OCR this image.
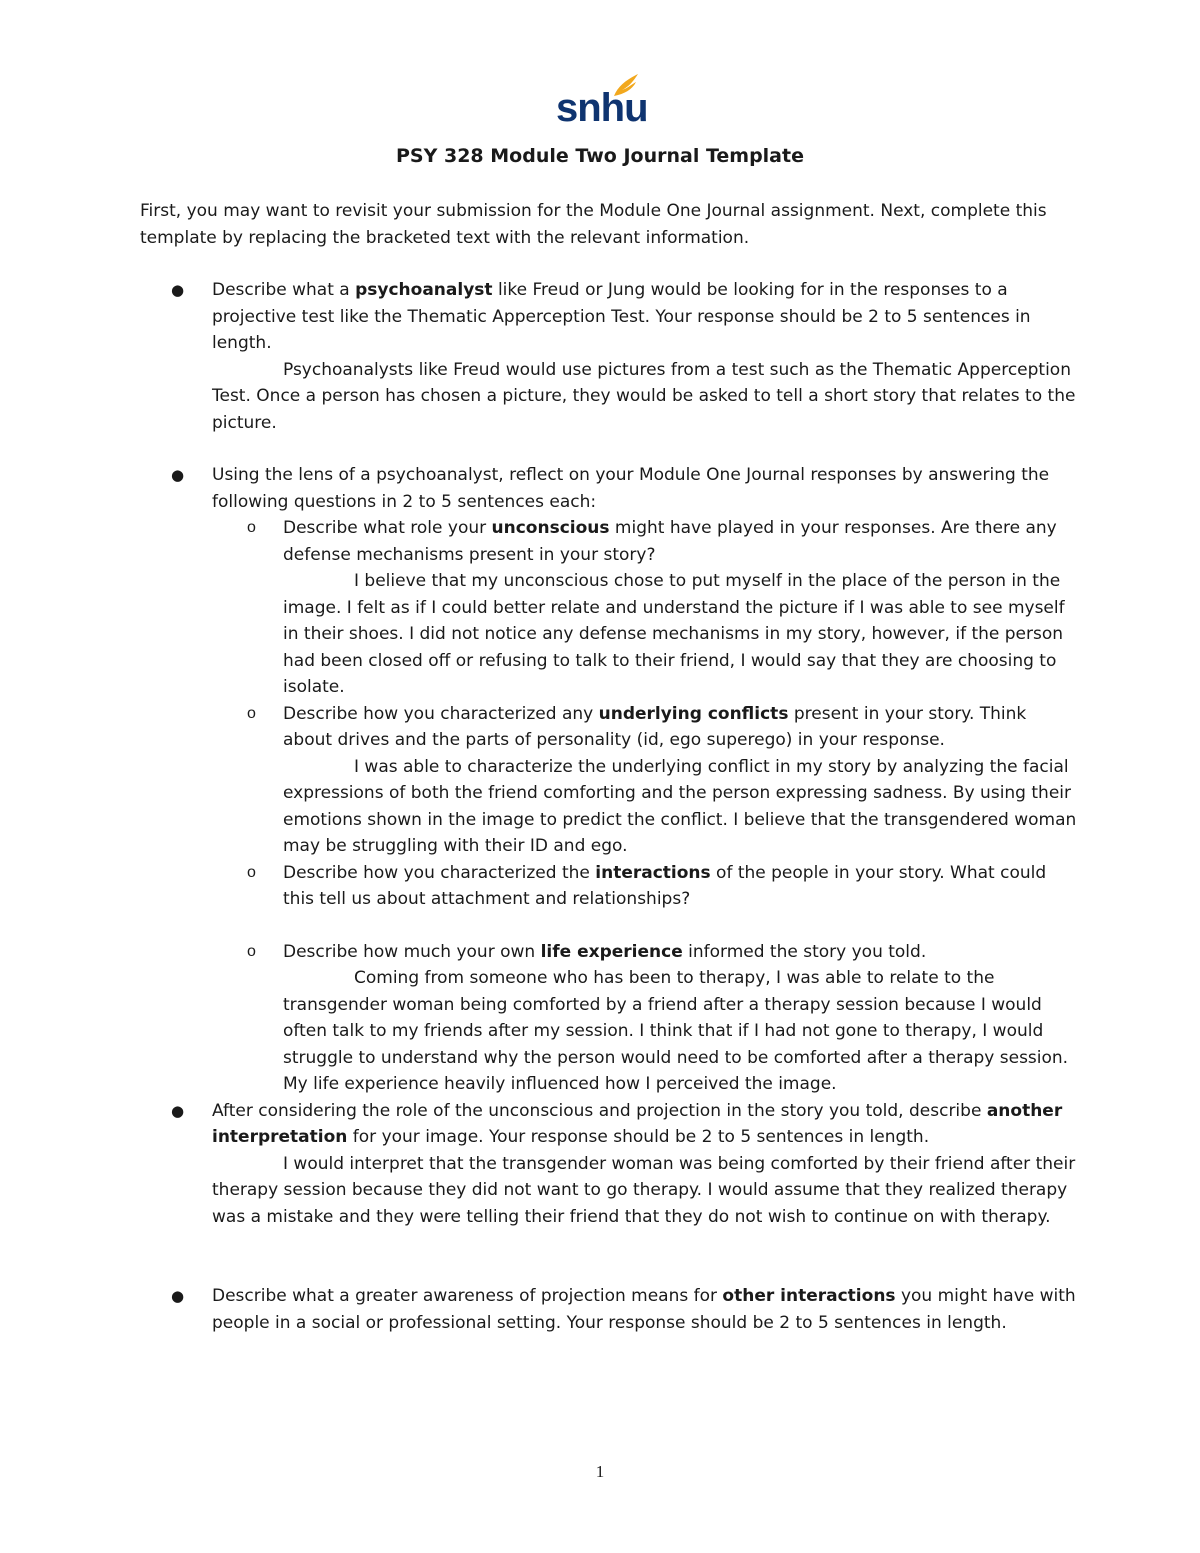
snhu
PSY 328 Module Two Journal Template

First, you may want to revisit your submission for the Module One Journal assignment. Next, complete this template by replacing the bracketed text with the relevant information.

● Describe what a psychoanalyst like Freud or Jung would be looking for in the responses to a projective test like the Thematic Apperception Test. Your response should be 2 to 5 sentences in length.

Psychoanalysts like Freud would use pictures from a test such as the Thematic Apperception Test. Once a person has chosen a picture, they would be asked to tell a short story that relates to the picture.

● Using the lens of a psychoanalyst, reflect on your Module One Journal responses by answering the following questions in 2 to 5 sentences each:

o Describe what role your unconscious might have played in your responses. Are there any defense mechanisms present in your story?

I believe that my unconscious chose to put myself in the place of the person in the image. I felt as if I could better relate and understand the picture if I was able to see myself in their shoes. I did not notice any defense mechanisms in my story, however, if the person had been closed off or refusing to talk to their friend, I would say that they are choosing to isolate.

o Describe how you characterized any underlying conflicts present in your story. Think about drives and the parts of personality (id, ego superego) in your response.

I was able to characterize the underlying conflict in my story by analyzing the facial expressions of both the friend comforting and the person expressing sadness. By using their emotions shown in the image to predict the conflict. I believe that the transgendered woman may be struggling with their ID and ego.

o Describe how you characterized the interactions of the people in your story. What could this tell us about attachment and relationships?

o Describe how much your own life experience informed the story you told.

Coming from someone who has been to therapy, I was able to relate to the transgender woman being comforted by a friend after a therapy session because I would often talk to my friends after my session. I think that if I had not gone to therapy, I would struggle to understand why the person would need to be comforted after a therapy session. My life experience heavily influenced how I perceived the image.

● After considering the role of the unconscious and projection in the story you told, describe another interpretation for your image. Your response should be 2 to 5 sentences in length.

I would interpret that the transgender woman was being comforted by their friend after their therapy session because they did not want to go therapy. I would assume that they realized therapy was a mistake and they were telling their friend that they do not wish to continue on with therapy.

● Describe what a greater awareness of projection means for other interactions you might have with people in a social or professional setting. Your response should be 2 to 5 sentences in length.

1
